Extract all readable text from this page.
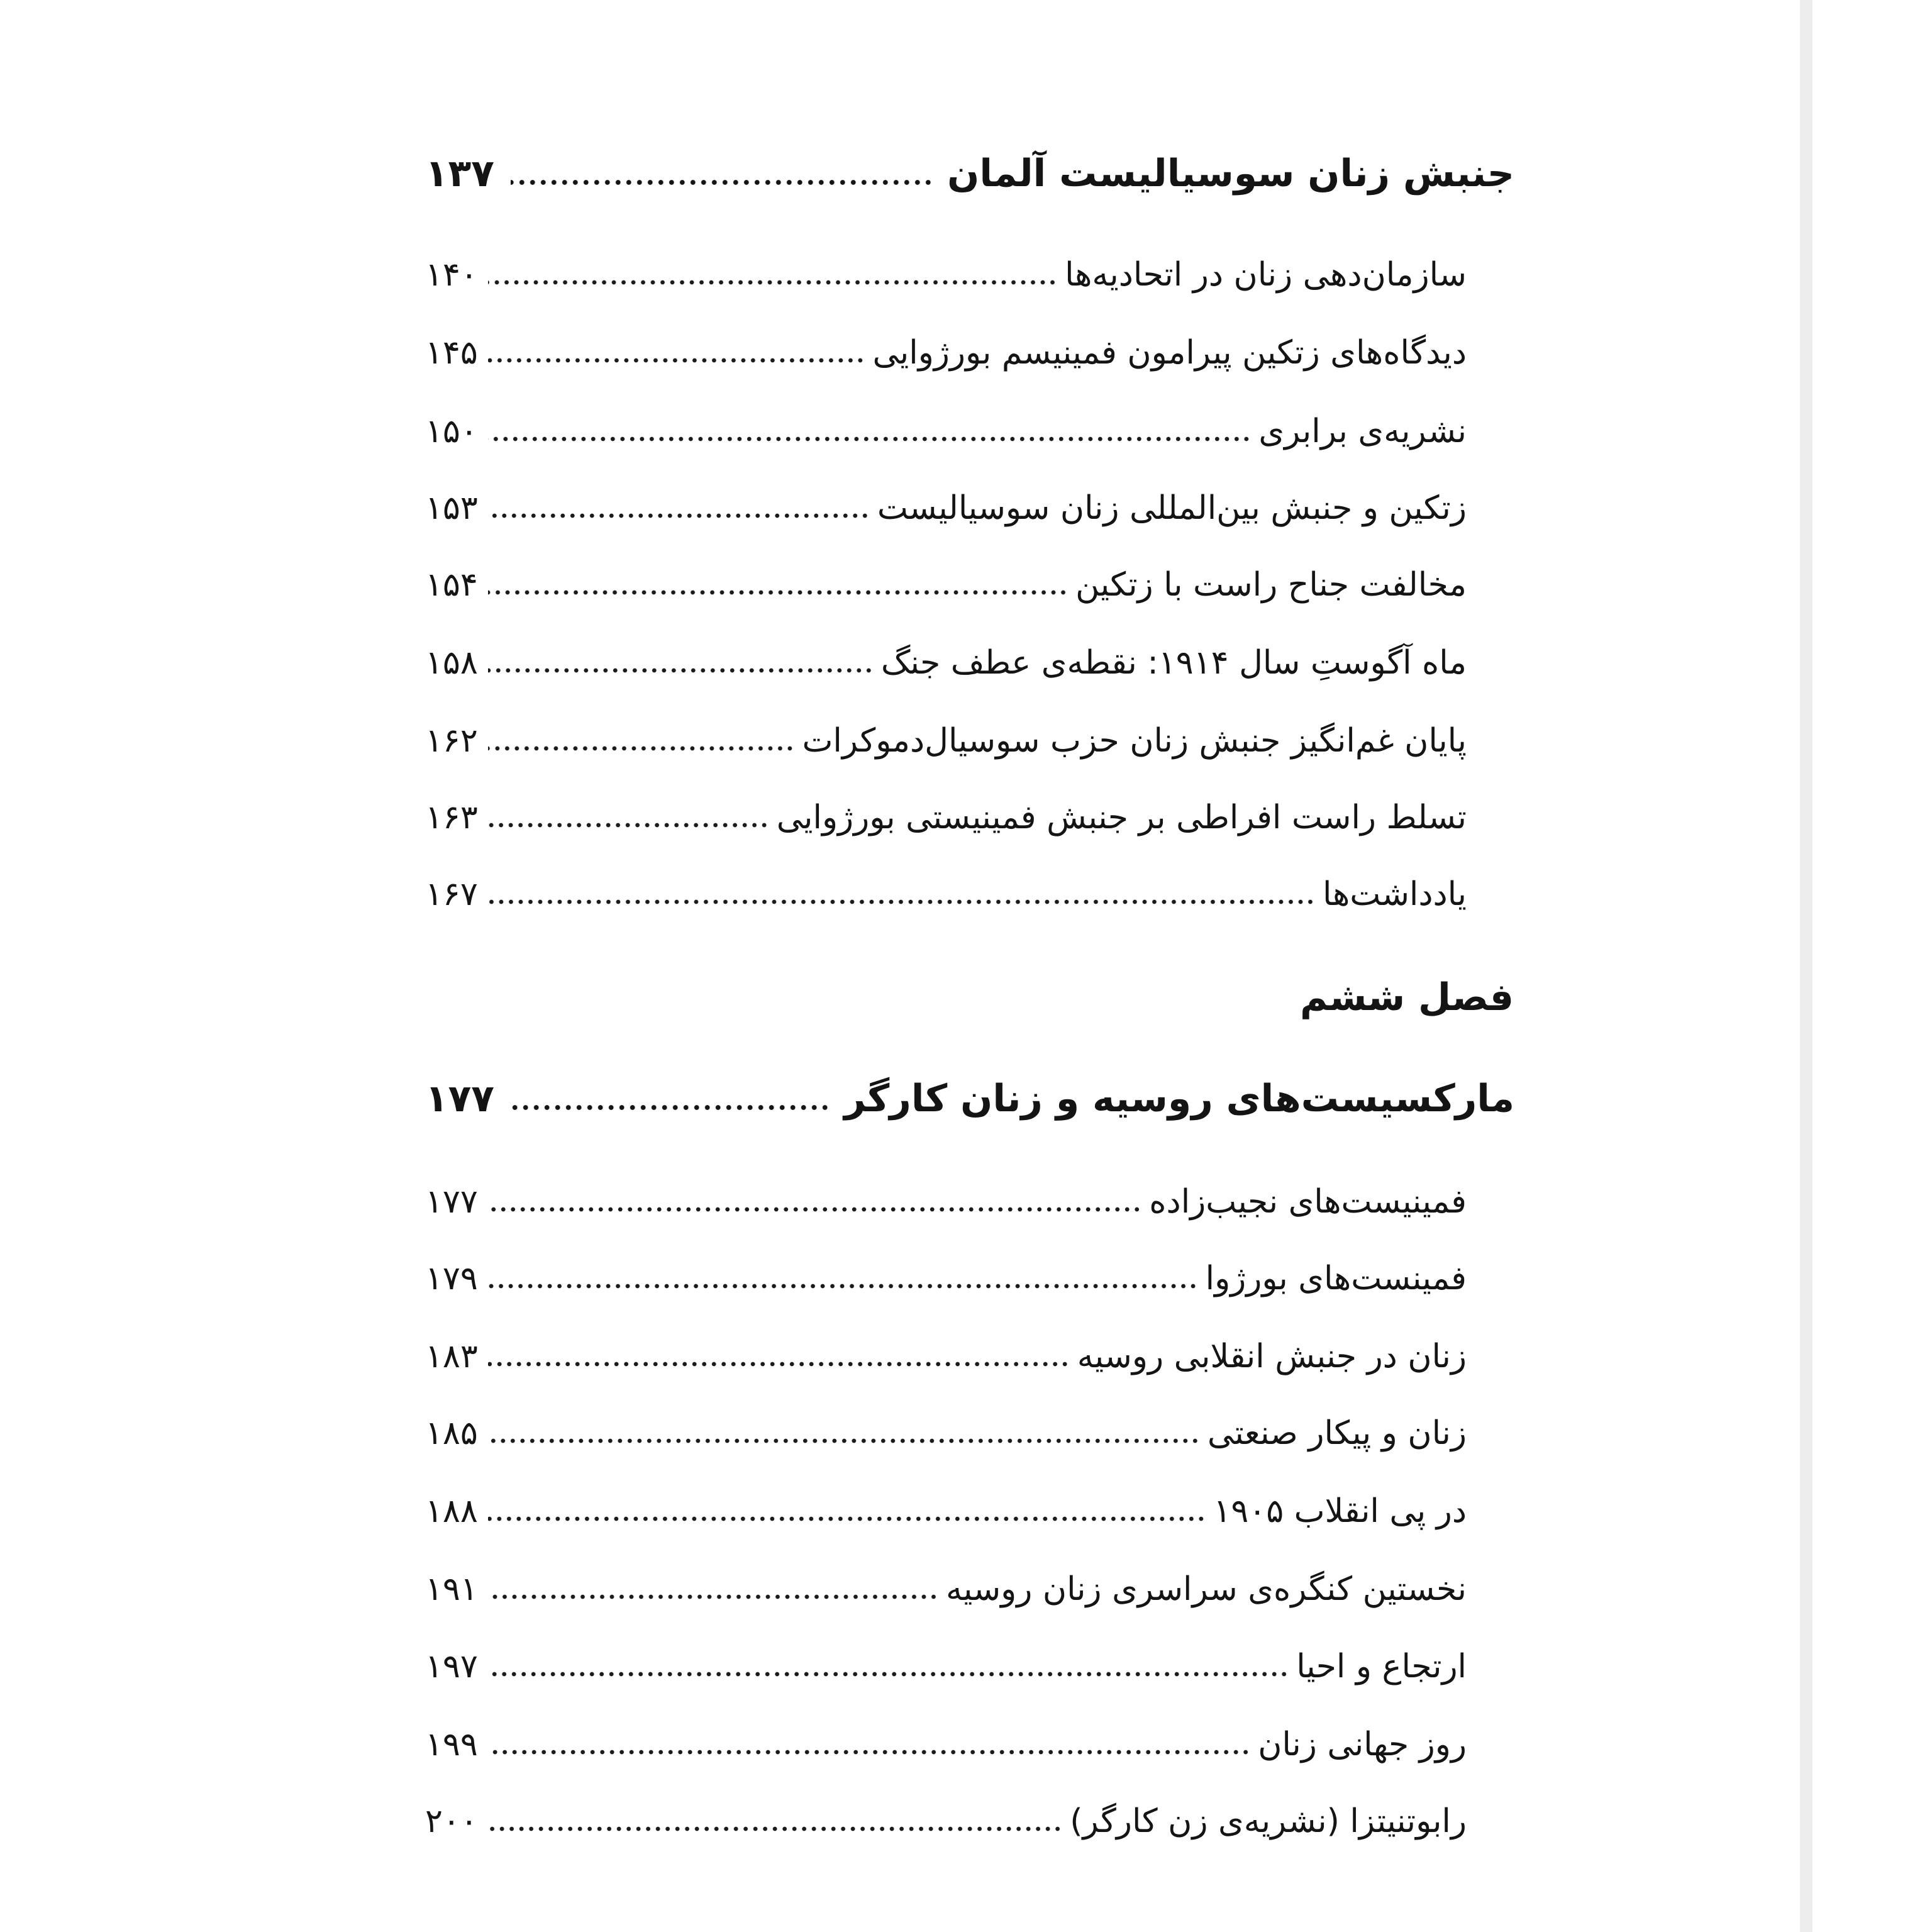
جنبش زنان سوسیالیست آلمان
۱۳۷
سازمان‌دهی زنان در اتحادیه‌ها
۱۴۰
دیدگاه‌های زتکین پیرامون فمینیسم بورژوایی
۱۴۵
نشریه‌ی برابری
۱۵۰
زتکین و جنبش بین‌المللی زنان سوسیالیست
۱۵۳
مخالفت جناح راست با زتکین
۱۵۴
ماه آگوستِ سال ۱۹۱۴: نقطه‌ی عطف جنگ
۱۵۸
پایان غم‌انگیز جنبش زنان حزب سوسیال‌دموکرات
۱۶۲
تسلط راست افراطی بر جنبش فمینیستی بورژوایی
۱۶۳
یادداشت‌ها
۱۶۷
فصل ششم
مارکسیست‌های روسیه و زنان کارگر
۱۷۷
فمینیست‌های نجیب‌زاده
۱۷۷
فمینست‌های بورژوا
۱۷۹
زنان در جنبش انقلابی روسیه
۱۸۳
زنان و پیکار صنعتی
۱۸۵
در پی انقلاب ۱۹۰۵
۱۸۸
نخستین کنگره‌ی سراسری زنان روسیه
۱۹۱
ارتجاع و احیا
۱۹۷
روز جهانی زنان
۱۹۹
رابوتنیتزا (نشریه‌ی زن کارگر)
۲۰۰
